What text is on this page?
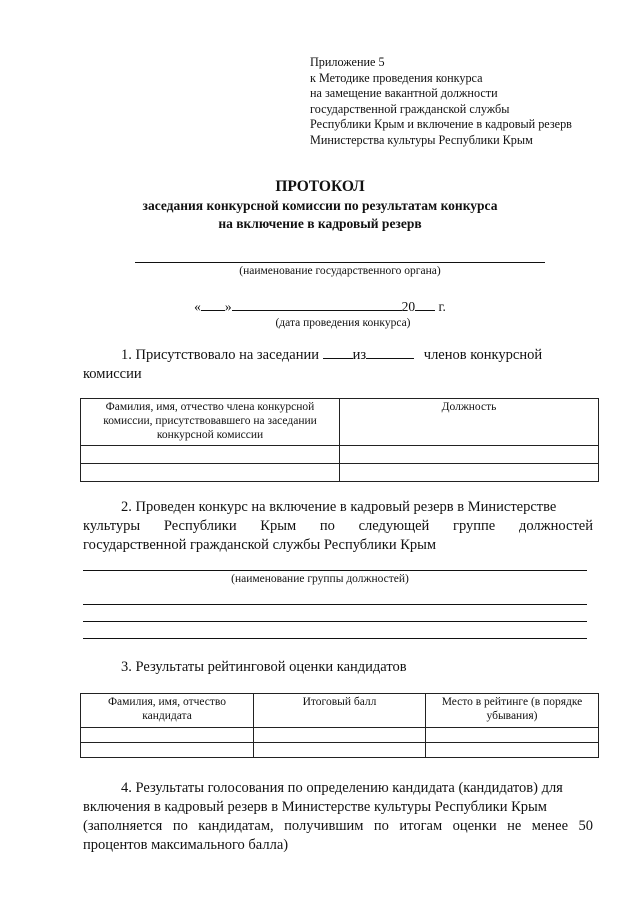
Приложение 5
к Методике проведения конкурса
на замещение вакантной должности
государственной гражданской службы
Республики Крым и включение в кадровый резерв
Министерства культуры Республики Крым
ПРОТОКОЛ
заседания конкурсной комиссии по результатам конкурса
на включение в кадровый резерв
(наименование государственного органа)
« »	20 г.
(дата проведения конкурса)
1. Присутствовало на заседании из	членов конкурсной
комиссии
Фамилия, имя, отчество члена конкурсной комиссии, присутствовавшего на заседании конкурсной комиссии	Должность

2. Проведен конкурс на включение в кадровый резерв в Министерстве
культуры Республики Крым по следующей группе должностей
государственной гражданской службы Республики Крым
(наименование группы должностей)
3. Результаты рейтинговой оценки кандидатов
Фамилия, имя, отчество кандидата	Итоговый балл	Место в рейтинге (в порядке убывания)

4. Результаты голосования по определению кандидата (кандидатов) для
включения в кадровый резерв в Министерстве культуры Республики Крым
(заполняется по кандидатам, получившим по итогам оценки не менее 50
процентов максимального балла)
